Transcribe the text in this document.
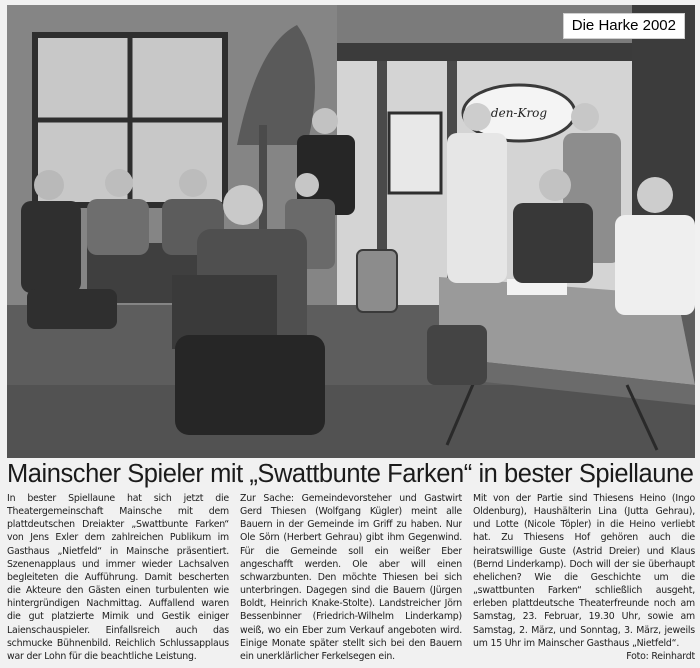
den-Krog
Die Harke 2002
Mainscher Spieler mit „Swattbunte Farken“ in bester Spiellaune

In bester Spiellaune hat sich jetzt die Theatergemeinschaft Mainsche mit dem plattdeutschen Dreiakter „Swattbunte Farken“ von Jens Exler dem zahlreichen Publikum im Gasthaus „Nietfeld“ in Mainsche präsentiert. Szenenapplaus und immer wieder Lachsalven begleiteten die Aufführung. Damit bescherten die Akteure den Gästen einen turbulenten wie hintergründigen Nachmittag. Auffallend waren die gut platzierte Mimik und Gestik einiger Laienschauspieler. Einfallsreich auch das schmucke Bühnenbild. Reichlich Schlussapplaus war der Lohn für die beachtliche Leistung.

Zur Sache: Gemeindevorsteher und Gastwirt Gerd Thiesen (Wolfgang Kügler) meint alle Bauern in der Gemeinde im Griff zu haben. Nur Ole Sörn (Herbert Gehrau) gibt ihm Gegenwind. Für die Gemeinde soll ein weißer Eber angeschafft werden. Ole aber will einen schwarzbunten. Den möchte Thiesen bei sich unterbringen. Dagegen sind die Bauern (Jürgen Boldt, Heinrich Knake-Stolte). Landstreicher Jörn Bessenbinner (Friedrich-Wilhelm Linderkamp) weiß, wo ein Eber zum Verkauf angeboten wird. Einige Monate später stellt sich bei den Bauern ein unerklärlicher Ferkelsegen ein.

Mit von der Partie sind Thiesens Heino (Ingo Oldenburg), Haushälterin Lina (Jutta Gehrau), und Lotte (Nicole Töpler) in die Heino verliebt hat. Zu Thiesens Hof gehören auch die heiratswillige Guste (Astrid Dreier) und Klaus (Bernd Linderkamp). Doch will der sie überhaupt ehelichen? Wie die Geschichte um die „swattbunten Farken“ schließlich ausgeht, erleben plattdeutsche Theaterfreunde noch am Samstag, 23. Februar, 19.30 Uhr, sowie am Samstag, 2. März, und Sonntag, 3. März, jeweils um 15 Uhr im Mainscher Gasthaus „Nietfeld“.
Foto: Reinhardt
